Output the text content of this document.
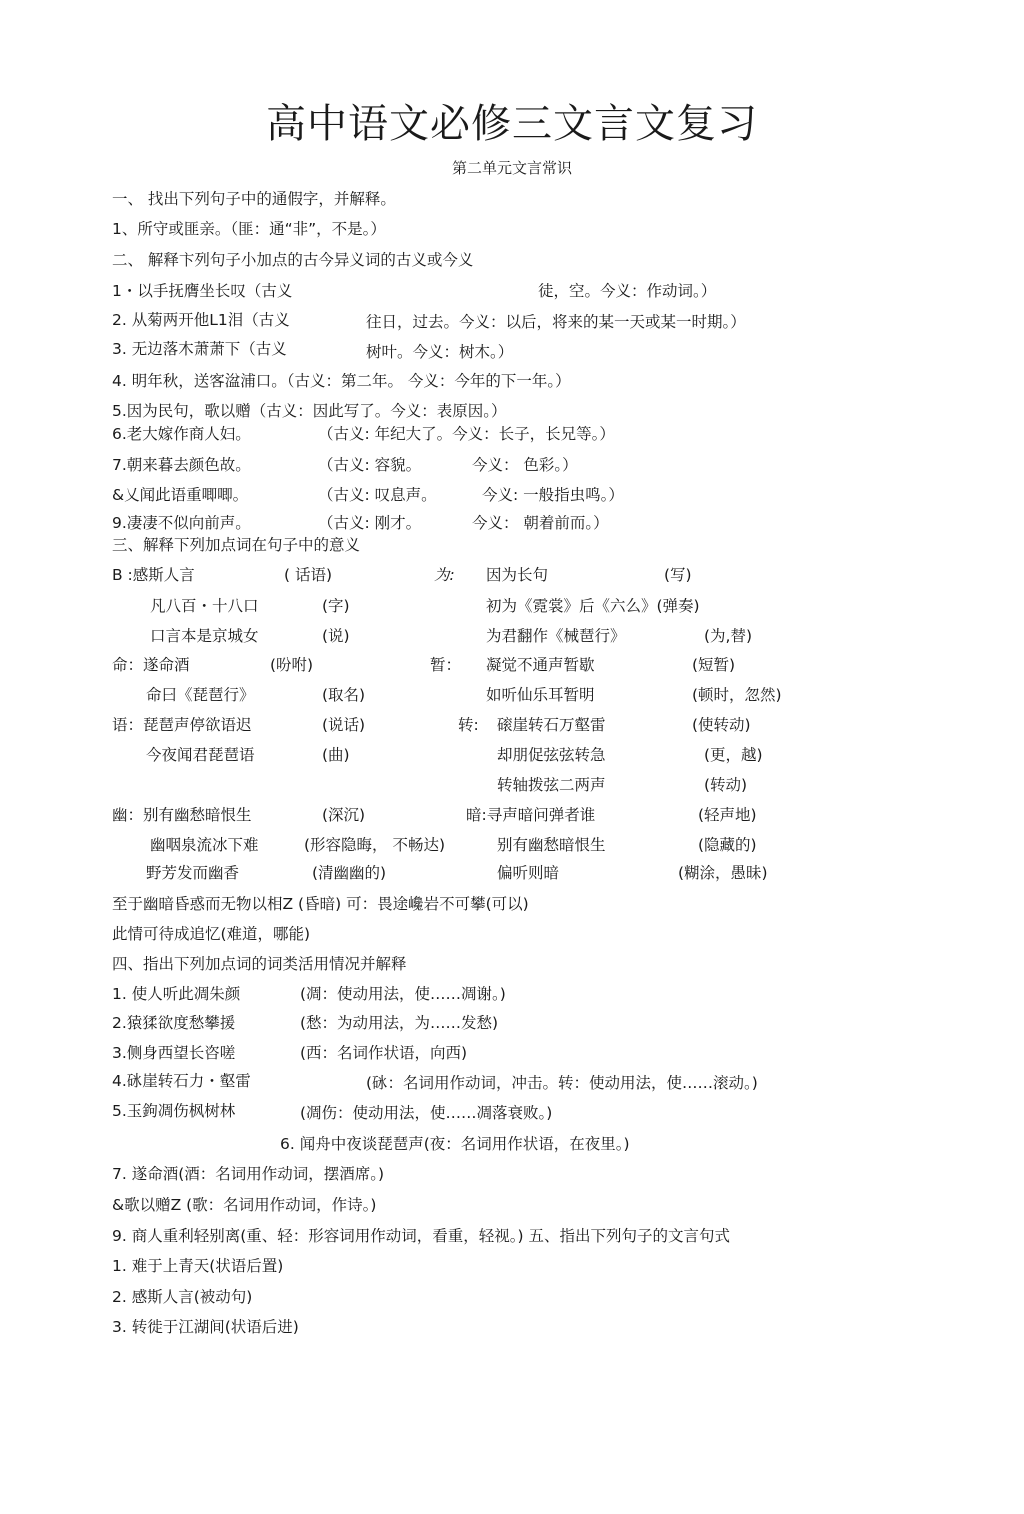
高中语文必修三文言文复习
第二单元文言常识
一、 找出下列句子中的通假字，并解释。
1、所守或匪亲。（匪：通“非”，不是。）
二、 解释卞列句子小加点的古今异义词的古义或今义
1・以手抚膺坐长叹（古义	徒，空。今义：作动词。）
2. 从菊两开他L1泪（古义	往日，过去。今义：以后，将来的某一天或某一时期。）
3. 无边落木萧萧下（古义	树叶。今义：树木。）
4. 明年秋，送客湓浦口。（古义：第二年。 今义：今年的下一年。）
5.因为民句，歌以赠（古义：因此写了。今义：表原因。）
6.老大嫁作商人妇。	（古义: 年纪大了。今义：长子，长兄等。）
7.朝来暮去颜色故。	（古义: 容貌。	今义： 色彩。）
&乂闻此语重唧唧。	（古义: 叹息声。	今义: 一般指虫鸣。）
9.凄凄不似向前声。	（古义: 刚才。	今义： 朝着前而。）
三、解释下列加点词在句子中的意义
B :感斯人言	( 话语)	为: 因为长句	(写)
凡八百・十八口	(字)	初为《霓裳》后《六么》(弹奏)
口言本是京城女	(说)	为君翻作《械琶行》	(为,替)
命：遂命酒	(吩咐)	暂： 凝觉不通声暂歇	(短暂)
命曰《琵琶行》	(取名)	如听仙乐耳暂明	(顿时，忽然)
语：琵琶声停欲语迟	(说话)	转: 磙崖转石万壑雷	(使转动)
今夜闻君琵琶语	(曲)	却朋促弦弦转急	(更，越)
转轴拨弦二两声	(转动)
幽：别有幽愁暗恨生	(深沉)	暗:寻声暗问弹者谁	(轻声地)
幽咽泉流冰下难	(形容隐晦， 不畅达)	别有幽愁暗恨生	(隐藏的)
野芳发而幽香	(清幽幽的)	偏听则暗	(糊涂，愚昧)
至于幽暗昏惑而无物以相Z (昏暗) 可：畏途巉岩不可攀(可以)
此情可待成追忆(难道，哪能)
四、指出下列加点词的词类活用情况并解释
1. 使人听此凋朱颜	(凋：使动用法，使……凋谢。)
2.猿猱欲度愁攀援	(愁：为动用法，为……发愁)
3.侧身西望长咨嗟	(西：名词作状语，向西)
4.砯崖转石力・壑雷	(砯：名词用作动词，冲击。转：使动用法，使……滚动。)
5.玉鉤凋伤枫树林	(凋伤：使动用法，使……凋落衰败。)
6. 闻舟中夜谈琵琶声(夜：名词用作状语，在夜里。)
7. 遂命酒(酒：名词用作动词，摆酒席。)
&歌以赠Z (歌：名词用作动词，作诗。)
9. 商人重利轻别离(重、轻：形容词用作动词，看重，轻视。) 五、指出下列句子的文言句式
1. 难于上青天(状语后置)
2. 感斯人言(被动句)
3. 转徙于江湖间(状语后进)
